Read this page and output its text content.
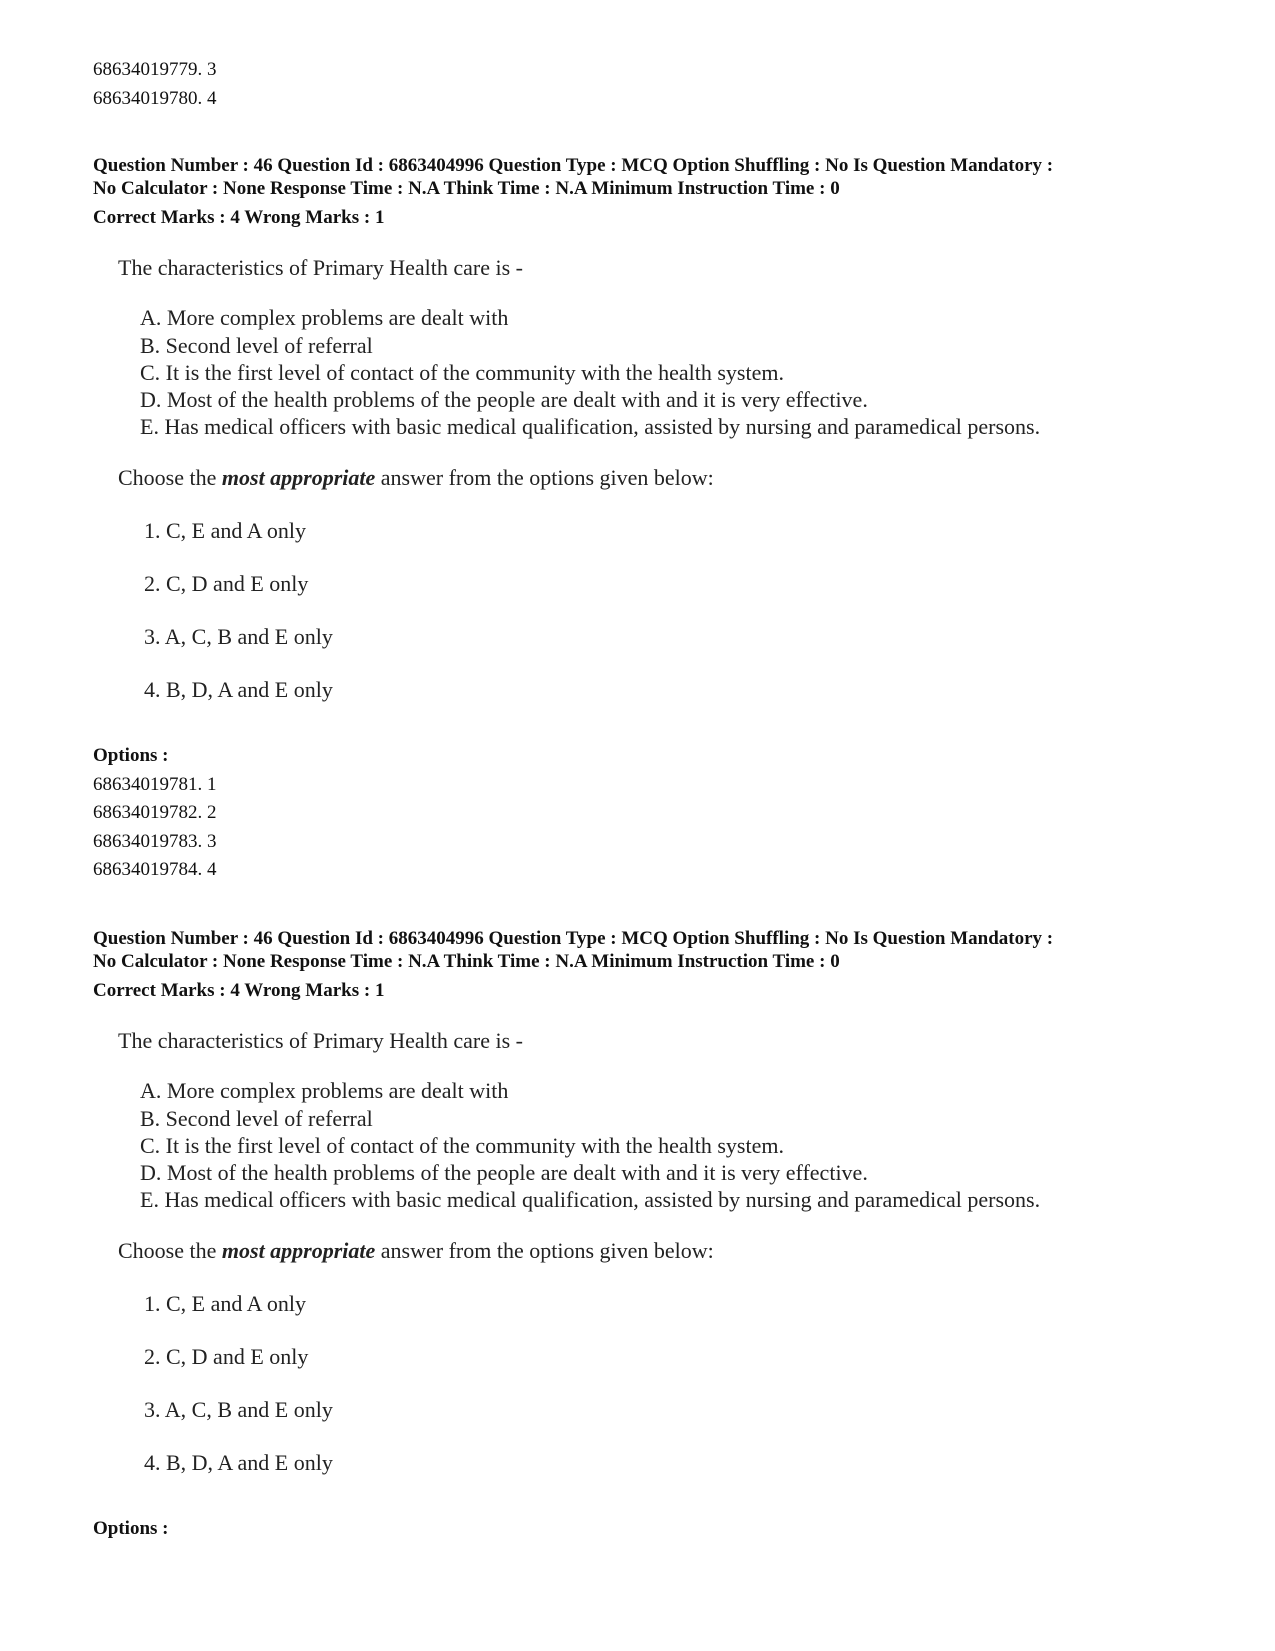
68634019779. 3
68634019780. 4
Question Number : 46 Question Id : 6863404996 Question Type : MCQ Option Shuffling : No Is Question Mandatory :
No Calculator : None Response Time : N.A Think Time : N.A Minimum Instruction Time : 0
Correct Marks : 4 Wrong Marks : 1
The characteristics of Primary Health care is -
A. More complex problems are dealt with
B. Second level of referral
C. It is the first level of contact of the community with the health system.
D. Most of the health problems of the people are dealt with and it is very effective.
E. Has medical officers with basic medical qualification, assisted by nursing and paramedical persons.
Choose the most appropriate answer from the options given below:
1. C, E and A only
2. C, D and E only
3. A, C, B and E only
4. B, D, A and E only
Options :
68634019781. 1
68634019782. 2
68634019783. 3
68634019784. 4
Question Number : 46 Question Id : 6863404996 Question Type : MCQ Option Shuffling : No Is Question Mandatory :
No Calculator : None Response Time : N.A Think Time : N.A Minimum Instruction Time : 0
Correct Marks : 4 Wrong Marks : 1
The characteristics of Primary Health care is -
A. More complex problems are dealt with
B. Second level of referral
C. It is the first level of contact of the community with the health system.
D. Most of the health problems of the people are dealt with and it is very effective.
E. Has medical officers with basic medical qualification, assisted by nursing and paramedical persons.
Choose the most appropriate answer from the options given below:
1. C, E and A only
2. C, D and E only
3. A, C, B and E only
4. B, D, A and E only
Options :
